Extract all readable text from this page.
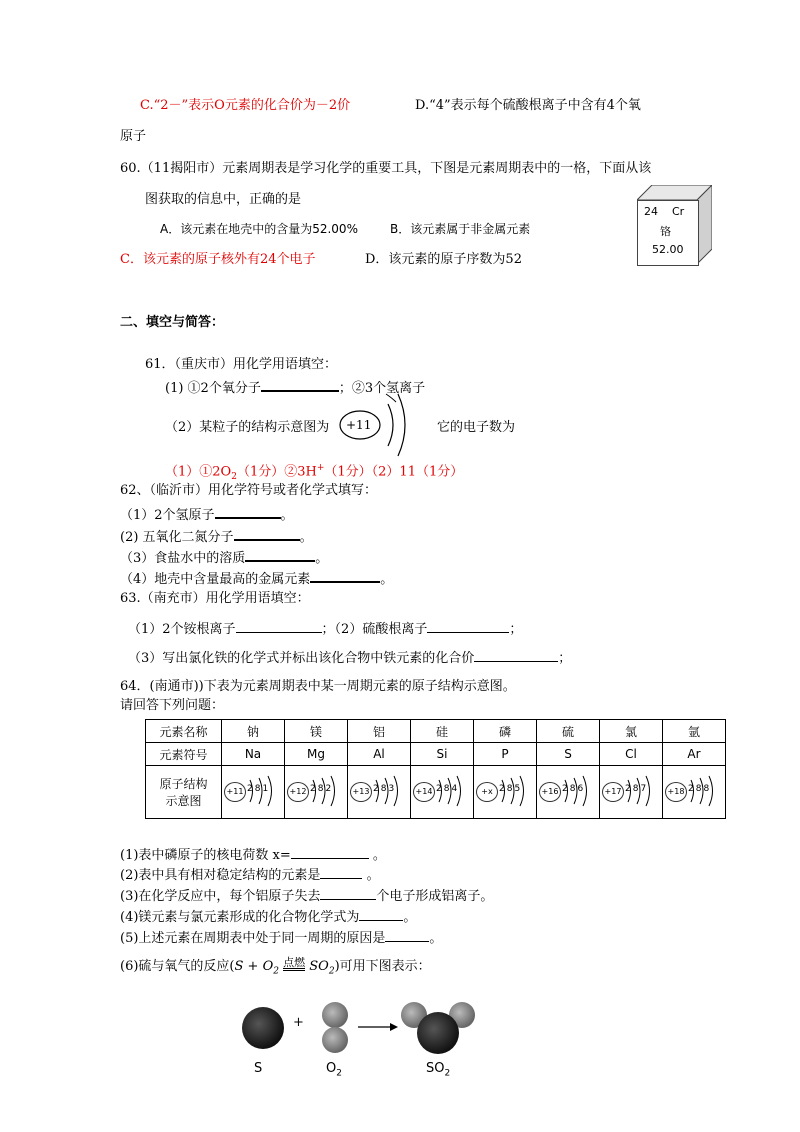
C.“2－”表示O元素的化合价为－2价	D.“4”表示每个硫酸根离子中含有4个氧
原子
60.（11揭阳市）元素周期表是学习化学的重要工具，下图是元素周期表中的一格，下面从该
图获取的信息中，正确的是
A．该元素在地壳中的含量为52.00%	B．该元素属于非金属元素
C．该元素的原子核外有24个电子	D．该元素的原子序数为52
24 Cr
铬
52.00
二、填空与简答：
61．（重庆市）用化学用语填空：
(1) ①2个氧分子	；②3个氢离子
（2）某粒子的结构示意图为 +11	它的电子数为
$(1)①2O_2(1$分）②3H+（1分）（2）11（1分）
62、（临沂市）用化学符号或者化学式填写：
（1）2个氢原子	。
(2) 五氧化二氮分子	。
（3）食盐水中的溶质	。
（4）地壳中含量最高的金属元素	。
63.（南充市）用化学用语填空：
（1）2个铵根离子	；（2）硫酸根离子	；
（3）写出氯化铁的化学式并标出该化合物中铁元素的化合价	；
64．(南通市))下表为元素周期表中某一周期元素的原子结构示意图。
请回答下列问题：
元素名称	钠	镁	铝	硅	磷	硫	氯	氩
元素符号	Na	Mg	Al	Si	P	S	Cl	Ar
原子结构
示意图	+11 281	+12 282	+13 283	+14 284	+x 285	+16 286	+17 287	+18 288
(1)表中磷原子的核电荷数 x=	。
(2)表中具有相对稳定结构的元素是	。
(3)在化学反应中，每个铝原子失去	个电子形成铝离子。
(4)镁元素与氯元素形成的化合物化学式为	。
(5)上述元素在周期表中处于同一周期的原因是	。
(6)硫与氧气的反应($S + O_2$ 点燃 $SO_2$)可用下图表示：
+
S	$O_2$	$SO_2$
